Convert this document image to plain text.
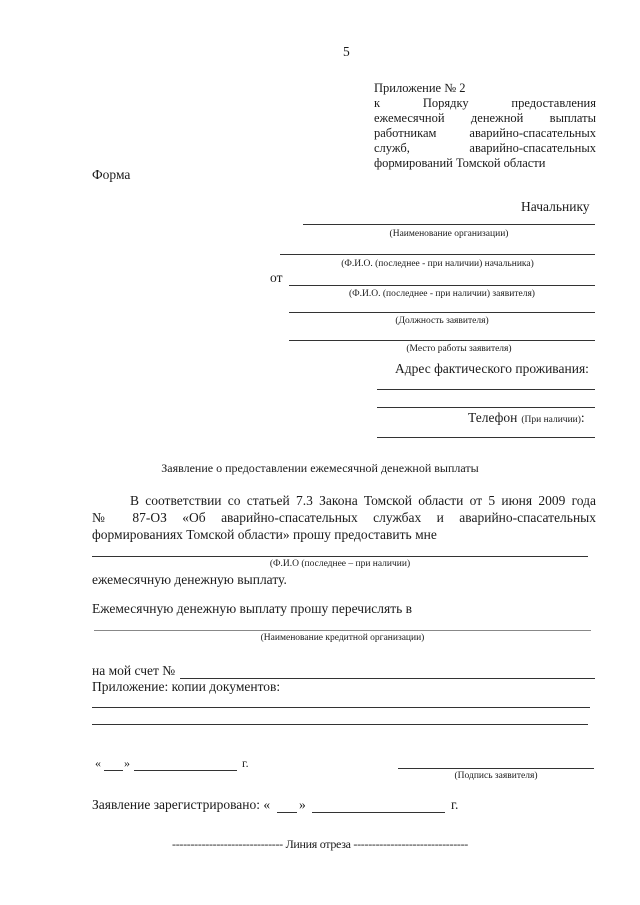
5
Приложение № 2
к Порядку предоставления
ежемесячной денежной выплаты
работникам аварийно-спасательных
служб, аварийно-спасательных
формирований Томской области
Форма
Начальнику
(Наименование организации)
(Ф.И.О. (последнее - при наличии) начальника)
от
(Ф.И.О. (последнее - при наличии) заявителя)
(Должность заявителя)
(Место работы заявителя)
Адрес фактического проживания:
Телефон (При наличии):
Заявление о предоставлении ежемесячной денежной выплаты
В соответствии со статьей 7.3 Закона Томской области от 5 июня 2009 года
№ 87-ОЗ «Об аварийно-спасательных службах и аварийно-спасательных
формированиях Томской области» прошу предоставить мне
(Ф.И.О (последнее – при наличии)
ежемесячную денежную выплату.
Ежемесячную денежную выплату прошу перечислять в
(Наименование кредитной организации)
на мой счет №
Приложение: копии документов:
« »	г.
(Подпись заявителя)
Заявление зарегистрировано: « »	г.
------------------------------ Линия отреза -------------------------------
